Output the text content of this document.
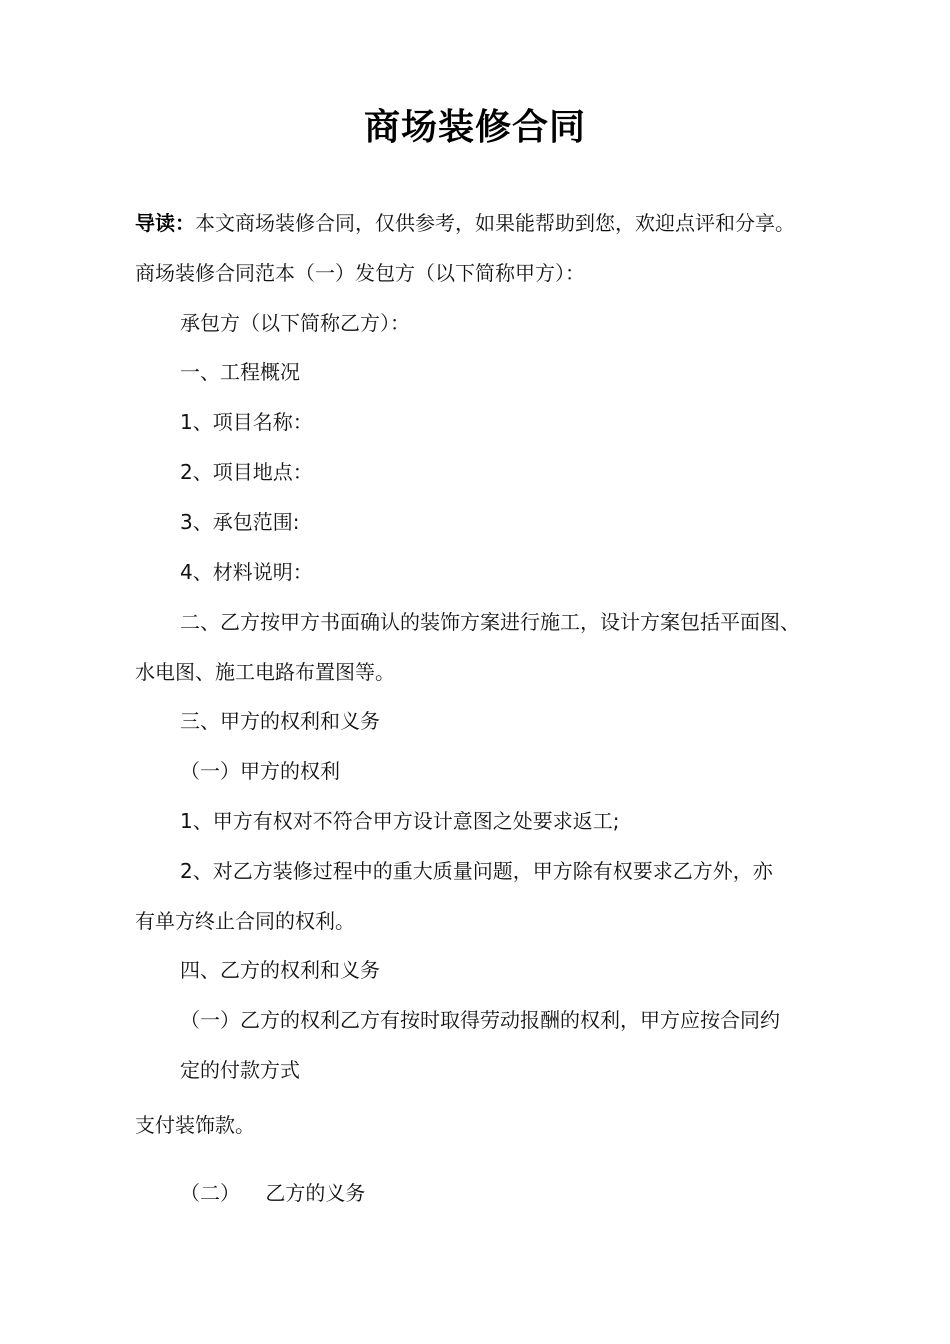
商场装修合同
导读：本文商场装修合同，仅供参考，如果能帮助到您，欢迎点评和分享。
商场装修合同范本（一）发包方（以下简称甲方）：
承包方（以下简称乙方）：
一、工程概况
1、项目名称：
2、项目地点：
3、承包范围:
4、材料说明：
二、乙方按甲方书面确认的装饰方案进行施工，设计方案包括平面图、
水电图、施工电路布置图等。
三、甲方的权利和义务
（一）甲方的权利
1、甲方有权对不符合甲方设计意图之处要求返工;
2、对乙方装修过程中的重大质量问题，甲方除有权要求乙方外，亦
有单方终止合同的权利。
四、乙方的权利和义务
（一）乙方的权利乙方有按时取得劳动报酬的权利，甲方应按合同约
定的付款方式
支付装饰款。
（二）    乙方的义务
